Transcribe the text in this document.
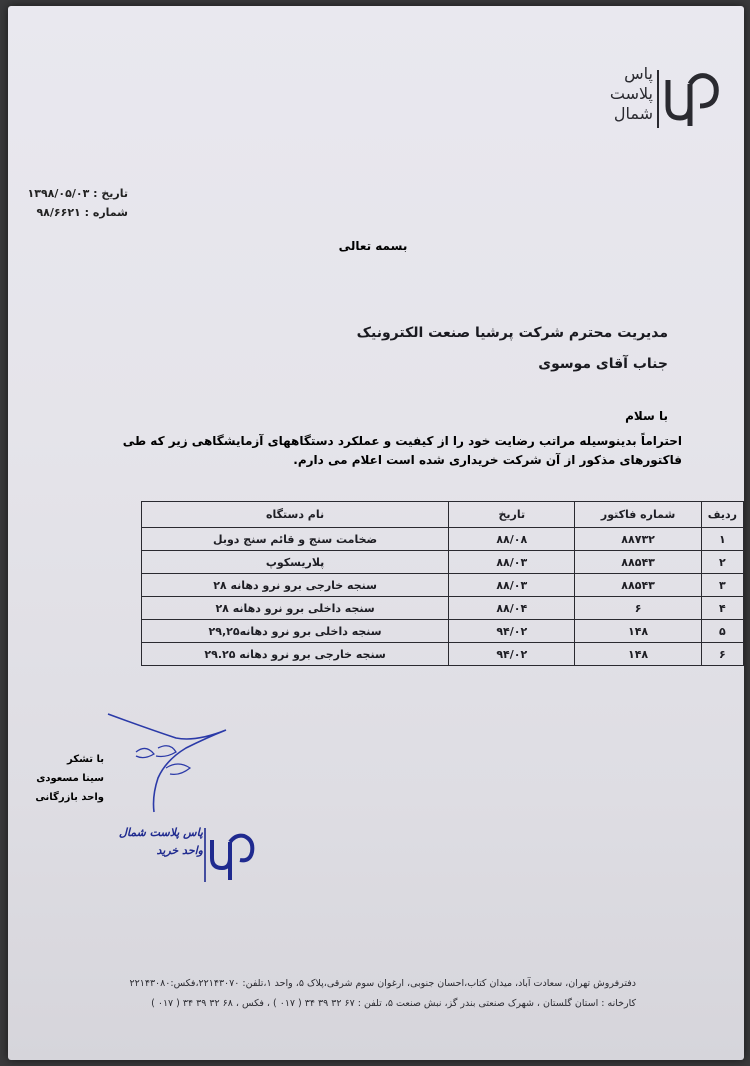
پاس
پلاست
شمال
تاریخ : ۱۳۹۸/۰۵/۰۳
شماره : ۹۸/۶۶۲۱
بسمه تعالی
مدیریت محترم شرکت پرشیا صنعت الکترونیک
جناب آقای موسوی
با سلام
احتراماً بدینوسیله مراتب رضایت خود را از کیفیت و عملکرد دستگاههای آزمایشگاهی زیر که طی فاکتورهای مذکور از آن شرکت خریداری شده است اعلام می دارم.
ردیف	شماره فاکتور	تاریخ	نام دستگاه
۱	۸۸۷۳۲	۸۸/۰۸	ضخامت سنج و قائم سنج دوبل
۲	۸۸۵۴۳	۸۸/۰۳	پلاریسکوپ
۳	۸۸۵۴۳	۸۸/۰۳	سنجه خارجی برو نرو دهانه ۲۸
۴	۶	۸۸/۰۴	سنجه داخلی برو نرو دهانه ۲۸
۵	۱۴۸	۹۴/۰۲	سنجه داخلی برو نرو دهانه۲۹,۲۵
۶	۱۴۸	۹۴/۰۲	سنجه خارجی برو نرو دهانه ۲۹.۲۵
با تشکر
سینا مسعودی
واحد بازرگانی
پاس پلاست شمال
واحد خرید
دفترفروش تهران، سعادت آباد، میدان کتاب،احسان جنوبی، ارغوان سوم شرقی،پلاک ۵، واحد ۱،تلفن: ۲۲۱۴۳۰۷۰،فکس:۲۲۱۴۳۰۸۰
کارخانه : استان گلستان ، شهرک صنعتی بندر گز، نبش صنعت ۵، تلفن : ۶۷ ۳۲ ۳۹ ۳۴ ( ۰۱۷ ) ، فکس ، ۶۸ ۳۲ ۳۹ ۳۴ ( ۰۱۷ )
